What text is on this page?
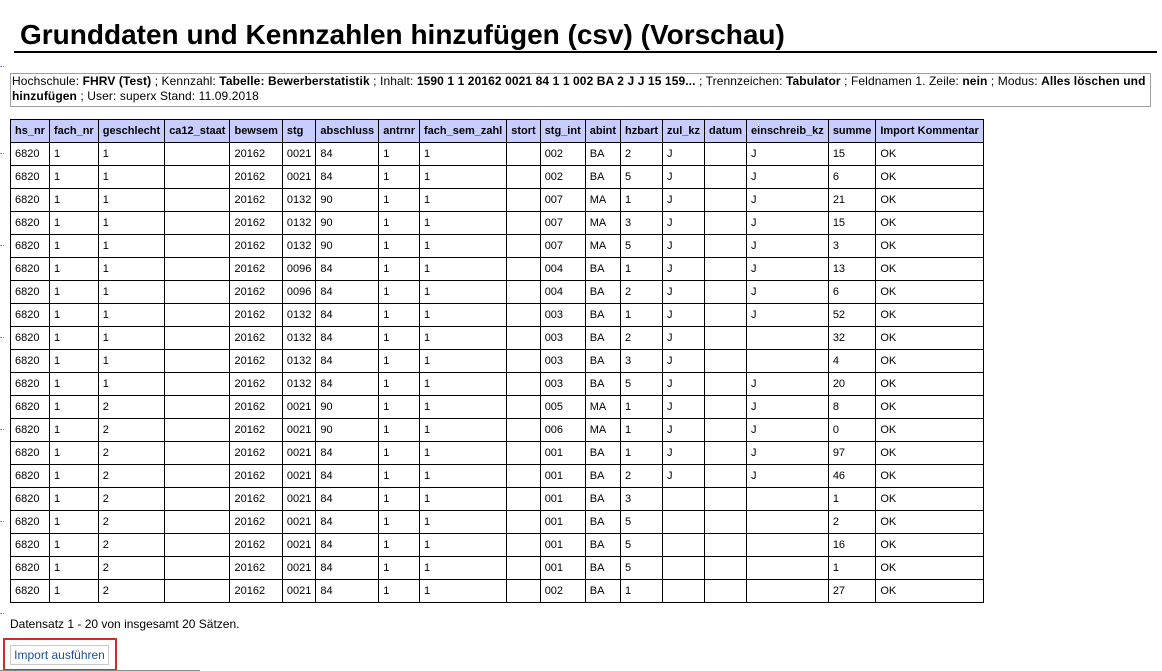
Grunddaten und Kennzahlen hinzufügen (csv) (Vorschau)
Hochschule: FHRV (Test) ; Kennzahl: Tabelle: Bewerberstatistik ; Inhalt: 1590 1 1 20162 0021 84 1 1 002 BA 2 J J 15 159... ; Trennzeichen: Tabulator ; Feldnamen 1. Zeile: nein ; Modus: Alles löschen und hinzufügen ; User: superx Stand: 11.09.2018
hs_nr	fach_nr	geschlecht	ca12_staat	bewsem	stg	abschluss	antrnr	fach_sem_zahl	stort	stg_int	abint	hzbart	zul_kz	datum	einschreib_kz	summe	Import Kommentar
6820	1	1		20162	0021	84	1	1		002	BA	2	J		J	15	OK
6820	1	1		20162	0021	84	1	1		002	BA	5	J		J	6	OK
6820	1	1		20162	0132	90	1	1		007	MA	1	J		J	21	OK
6820	1	1		20162	0132	90	1	1		007	MA	3	J		J	15	OK
6820	1	1		20162	0132	90	1	1		007	MA	5	J		J	3	OK
6820	1	1		20162	0096	84	1	1		004	BA	1	J		J	13	OK
6820	1	1		20162	0096	84	1	1		004	BA	2	J		J	6	OK
6820	1	1		20162	0132	84	1	1		003	BA	1	J		J	52	OK
6820	1	1		20162	0132	84	1	1		003	BA	2	J			32	OK
6820	1	1		20162	0132	84	1	1		003	BA	3	J			4	OK
6820	1	1		20162	0132	84	1	1		003	BA	5	J		J	20	OK
6820	1	2		20162	0021	90	1	1		005	MA	1	J		J	8	OK
6820	1	2		20162	0021	90	1	1		006	MA	1	J		J	0	OK
6820	1	2		20162	0021	84	1	1		001	BA	1	J		J	97	OK
6820	1	2		20162	0021	84	1	1		001	BA	2	J		J	46	OK
6820	1	2		20162	0021	84	1	1		001	BA	3				1	OK
6820	1	2		20162	0021	84	1	1		001	BA	5				2	OK
6820	1	2		20162	0021	84	1	1		001	BA	5				16	OK
6820	1	2		20162	0021	84	1	1		001	BA	5				1	OK
6820	1	2		20162	0021	84	1	1		002	BA	1				27	OK
Datensatz 1 - 20 von insgesamt 20 Sätzen.
Import ausführen
